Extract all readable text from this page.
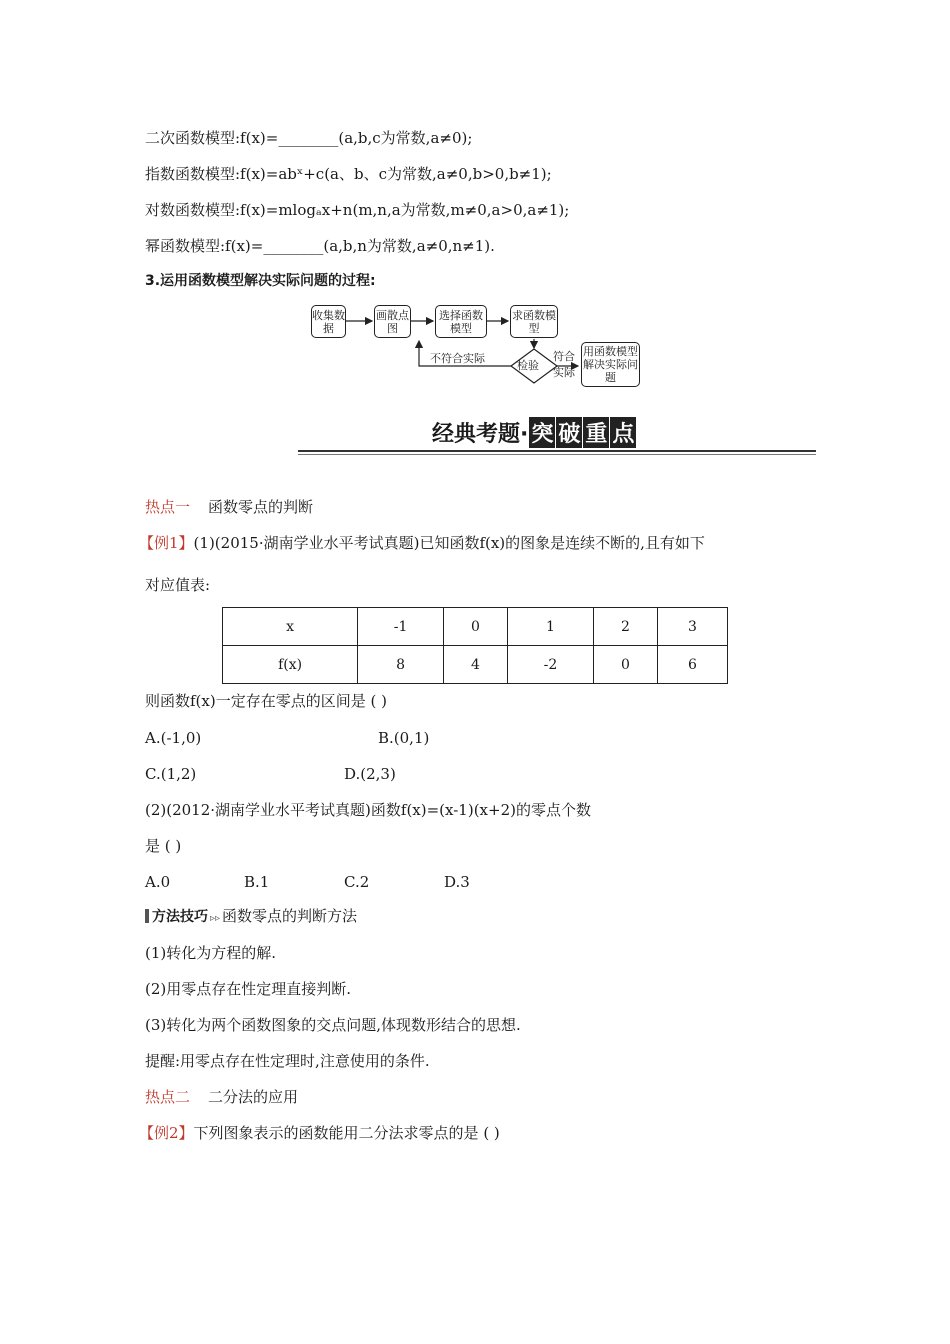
二次函数模型:f(x)=________(a,b,c为常数,a≠0);
指数函数模型:f(x)=abˣ+c(a、b、c为常数,a≠0,b>0,b≠1);
对数函数模型:f(x)=mlogₐx+n(m,n,a为常数,m≠0,a>0,a≠1);
幂函数模型:f(x)=________(a,b,n为常数,a≠0,n≠1).
3.运用函数模型解决实际问题的过程:
收集数据
画散点图
选择函数模型
求函数模型
检验
用函数模型解决实际问题
不符合实际	符合实际
经典考题· 突 破 重 点
热点一 函数零点的判断
【例1】(1)(2015·湖南学业水平考试真题)已知函数f(x)的图象是连续不断的,且有如下
对应值表:
x	-1	0	1	2	3
f(x)	8	4	-2	0	6
则函数f(x)一定存在零点的区间是 ( )
A.(-1,0)	B.(0,1)
C.(1,2)	D.(2,3)
(2)(2012·湖南学业水平考试真题)函数f(x)=(x-1)(x+2)的零点个数
是 ( )
A.0	B.1	C.2	D.3
方法技巧 ▹▹ 函数零点的判断方法
(1)转化为方程的解.
(2)用零点存在性定理直接判断.
(3)转化为两个函数图象的交点问题,体现数形结合的思想.
提醒:用零点存在性定理时,注意使用的条件.
热点二 二分法的应用
【例2】下列图象表示的函数能用二分法求零点的是 ( )
